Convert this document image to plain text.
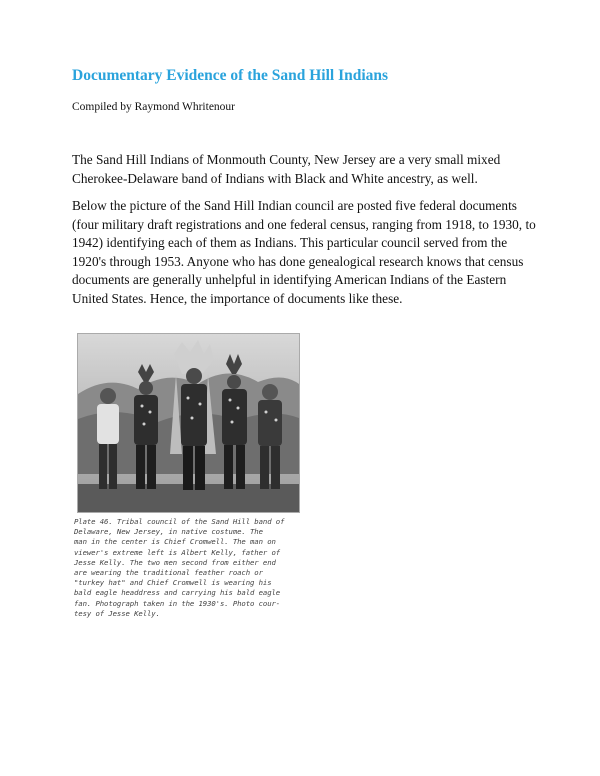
Documentary Evidence of the Sand Hill Indians
Compiled by Raymond Whritenour

The Sand Hill Indians of Monmouth County, New Jersey are a very small mixed Cherokee-Delaware band of Indians with Black and White ancestry, as well.

Below the picture of the Sand Hill Indian council are posted five federal documents (four military draft registrations and one federal census, ranging from 1918, to 1930, to 1942) identifying each of them as Indians. This particular council served from the 1920's through 1953. Anyone who has done genealogical research knows that census documents are generally unhelpful in identifying American Indians of the Eastern United States. Hence, the importance of documents like these.

Plate 46. Tribal council of the Sand Hill band of
Delaware, New Jersey, in native costume. The
man in the center is Chief Cromwell. The man on
viewer's extreme left is Albert Kelly, father of
Jesse Kelly. The two men second from either end
are wearing the traditional feather roach or
"turkey hat" and Chief Cromwell is wearing his
bald eagle headdress and carrying his bald eagle
fan. Photograph taken in the 1930's. Photo cour-
tesy of Jesse Kelly.
